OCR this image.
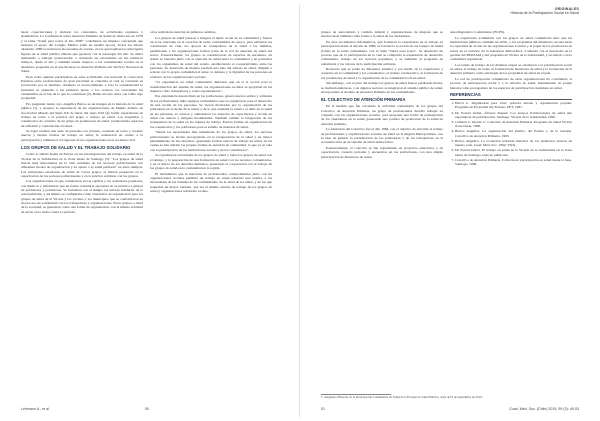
hacer capacitaciones y elaborar los contenidos, de actividades regulares y sistemáticas. La Conferencia sobre Atención Primaria de Salud de Alma Ata de 1978 y el lema "Salud para todos al año 2000" contribuían un impulso conceptual que sustentó el apoyo del Colegio Médico (alba en aquella época). Todos los líderes alrededor 1980 se indicaron las escuelas de verano, en las que bajaban los principales figuras de la salud pública chilena que gestaron con la estrategia dal año. Se sintió mantenido a trabajar perseveradas o revisando las prioridades en sus primeros tiempos, desde el año y también tenían respecto a las comunidades locales en el desenlace programa en el que hicieron la Atención Primaria del Servicio Nacional de Salud.

Eran todos quienes participaban en estas actividades con nacional le convocaría Estamos entre profesionales de gran prioridad se cristaliza el cual se construía su reconocido por el Instituto, afirmado el reconocimiento a sólo la voluntariedad la inclusión se apuntaba a las primeras horas, a los vecinos, las sociedades las cuadernillas en el bus de lo que le conviniese (2). Había un todo antes con Chile algo propiedad.

Era preguntar desde cuyo Angélica Barros es un margen en la historia de la salud pública (1), y receptor la experiencia de las organizaciones de Mundo Abierto de Asociación Mundo del Siglo XX de inicio del siglo XXI (4), hallar experiencias de trabajo en torno a la práctica del grupo o trabajo en salud. Los hospitales y consultorios de contexto de un grupo de promotores de salud, promoviendo espacios de reflexión y capacitación en salud.

Se logró realizar una serie de jornadas con jóvenes, contando en torno y creando nuevas y fuertes formas de trabajo en salud, la ordenación en cuanto a la participación y también el rol regional de las organizaciones en la sociedad civil.

LOS GRUPOS DE SALUD Y EL TRABAJO SOLIDARIO

Como lo señaló Isabel de Ferrari en sus investigaciones del trabajo en salud de la Vicaría de la Solidaridad en la Zona Oeste de Santiago (5): "Los grupos de salud fueron muy importantes en la vida cotidiana de los sectores poblacionales con diferentes modos de organización y su aporte a la salud primaria" en estos tiempos. Las principales estaciones de salud de varios grupos se habían preparado en la capacitación de los sectores poblacionales y en la práctica solidaria con los grupos.

Las organizaciones en que comenzaron en las capillas y los comedores populares, con médicos y enfermeras que en forma voluntaria apoyaban en su práctica a grupos de pobladores y pobladoras. Se revisaban con el tiempo las labores solidarias de la salud primaria, y así mismo se configuraba como alternativa de organización para los grupos de salud de la Vicaría y los vecinos y los municipios que se conformaron en un proceso de solidaridad con los trabajadores y organizaciones. Estos grupos, a nivel de la sociedad, se generaron como una forma de organización, con la misma voluntad de servir en la lucha contra la pobreza.

otros realizaban atención de primeros auxilios.

Los grupos de salud pasaron a integrar el tejido social de su comunidad y fueron un actor relevante en la creación de redes comunitarias de apoyo, para enfrentar las condiciones de vida, los apoyos de trabajadores de la salud a las familias, permitiendo a las organizaciones formar parte de la red de atención de salud del sector. Posteriormente, los grupos se constituyeron en espacios de encuentro, en donde se buscaba junto con la atención de salud entre la comunidad y en particular con los organismos de salud del estado, estableciendo el cooperativismo entre las personas. Se desarrolló de manera paralela una idea del trabajo en salud, dirigido a relevar con la propia comunidad el saber, la defensa y la dignidad de las personas en el marco de las organizaciones sociales.

"La experiencia en salud comunitaria demostró que en sí la acción para la transformación del sistema de salud, las organizaciones sociales se apoyaban en las mujeres como trabajadoras y como organizadoras".

Esa experiencia desarrollada en las poblaciones, generó nuevos estilos y actitudes de las profesionales, hubo equipos comunitarios que se organizaron para el desarrollo de una acción de las personas. Se vieron motivadas por la organización de los pobladores en la lucha de la salud, y de lo que entendía la salud o el daño en la salud de las personas; se crearon y aumentaron los espacios de capacitación y acción en salud con nuevas y antiguas modalidades. También cambió la integración de los trabajadores de la salud en los lugares de trabajo. Fueron formas de organización de los consultorios y los pobladores para el estudio de materias de salud.

"Desde las necesidades más inmediatas de los grupos de salud, los sectores poblacionales se hacían protagonistas en la recuperación de la salud y en mayor entendimiento de sus derechos, generando formas nuevas de trabajo en salud, de las cuales se han nutrido las propias formas de atención en comunidad, lo que ya se veía con la participación de las instituciones locales y de los consultorios".

Se organizaron actividades de los grupos de salud y todos los grupos de salud con el tiempo, y la preparación de una formación en salud con los recursos comunitarios, y en el marco de los derechos humanos; generando la cooperación con el trabajo de los grupos de salud en la comunidad en la región.

El instrumento que la inserción de profesionales comprometidos junto con las organizaciones sociales permitió un trabajo en salud solidario que resultó, a las necesidades de las familias de las comunidades, de la salud de los niños, y de los que requerían un mayor cuidado, que era el mismo sentido de trabajo de los grupos de salud y organizaciones solidarias locales.

Lehmann A., et al.	50
ORIGINALES
Historia de la Participación Social en Salud

grupos de autocuidado y cuidado infantil y organizaciones de mujeres que se involucraron también como forma a la salud de los ciudadanos.

En esos documentos informativos, que formaron la experiencia en el trabajo en participación desde la década de 1980, se fortaleció la acción de los Grupos de Salud (GSO) en la salud comunitaria, con el lema "Salud para todos". Se desarrolló un proceso que de la participación en la cual se compartía la experiencia de desarrollo comunitario, trabajo de los sectores populares, y se sumaban al programa de enfermería y los valores de la participación solidaria.

Recuerdo que se podía de diferentes estudios y por medio de la experiencia y acuerdos en la comunidad y los consultorios, el trabajo colaborativo, la formación de los promotores de salud y la organización de la comunidad local en salud.

Sin embargo, con el paso del tiempo los grupos de salud fueron perdiendo fuerza, se institucionalizaron, y en algunos sectores se integraron al sistema público de salud, incorporando el modelo de Atención Primaria en las comunidades.

EL COLECTIVO DE ATENCIÓN PRIMARIA

En la medida que fue creciendo la actividad comunitaria de los grupos del Colectivo de Atención Primaria, un grupo de profesionales decidió trabajar en conjunto con las organizaciones sociales, para proponer una forma de participación de los ciudadanos en la salud, generando una política de promoción de la salud en atención primaria.

La fundación del Colectivo fue el año 1984, con el objetivo de articular el trabajo de profesionales y organizaciones sociales de salud en la Región Metropolitana, con la idea de generar la participación de los pobladores y de los trabajadores en la reconstrucción de un sistema de salud democrático.

Posteriormente, el colectivo se fue organizando en proyectos educativos y de capacitación, creando jornadas y encuentros en las poblaciones, con una amplia participación de monitores de salud.

Autodiagnóstico Comunitario (ECPS).

La experiencia acumulada con los grupos de salud comunitaria hizo que las instituciones públicas, también las ONG, y los programas del ministerio reconocieran la capacidad de acción de las organizaciones sociales y el papel de los promotores de salud, en el contexto de la transición democrática. Comenzó con el desarrollo en la gestión del PROSAM y del programa de Vicaría de la Solidaridad, y su trabajo con la comunidad organizada.

Los temas de trabajo de las distintas etapas se orientaron a la participación social en salud, el trabajo en redes, la formación de monitores de salud y la evaluación de la atención primaria como estrategia de los programas de salud en el país.

La red de participación comunitaria de estas organizaciones ha contribuido al proceso de participación social y a la reforma de salud, manteniendo su propia historia como protagonista de los espacios de participación ciudadana en salud.

REFERENCIAS
1. Hatch C. Organizarse para vivir: pobreza urbana y organización popular. Programa de Economía del Trabajo, PET, 1987.
2. De Ferrari Isabel, Álvarez Raquel. Los Grupos Poblacionales de salud una experiencia de participación. Santiago: Vicaría de la Solidaridad, 1990.
3. Celedón C, Oyarzo C. Colectivo de Atención Primaria. Programa de Salud Vicaría Zona Oeste, 1990.
4. Barros Angélica. La organización del Pueblo, del Estado y de la Gestión. Colectivo de Atención Primaria. 1993.
5. Barros Angélica. La evolución solidaria histórica de los sindicatos obreros de nuestro país. Cuad. Méd. Soc. 1992; 33(3).
6. De Ferrari Isabel. El trabajo en salud de la Vicaría de la Solidaridad en la Zona Oeste de Santiago, tesis no publicada.
7. Colectivo de Atención Primaria. Cómo hacer participación en salud desde la base. Santiago, 1990.
1. Asignatura Historia de la Participación Comunitaria en Salud de la Escuela de Salud Pública, clase del 9 de septiembre de 2019.
51	Cuad. Méd. Soc. (Chile) 2019, 59 (3): 49-53
